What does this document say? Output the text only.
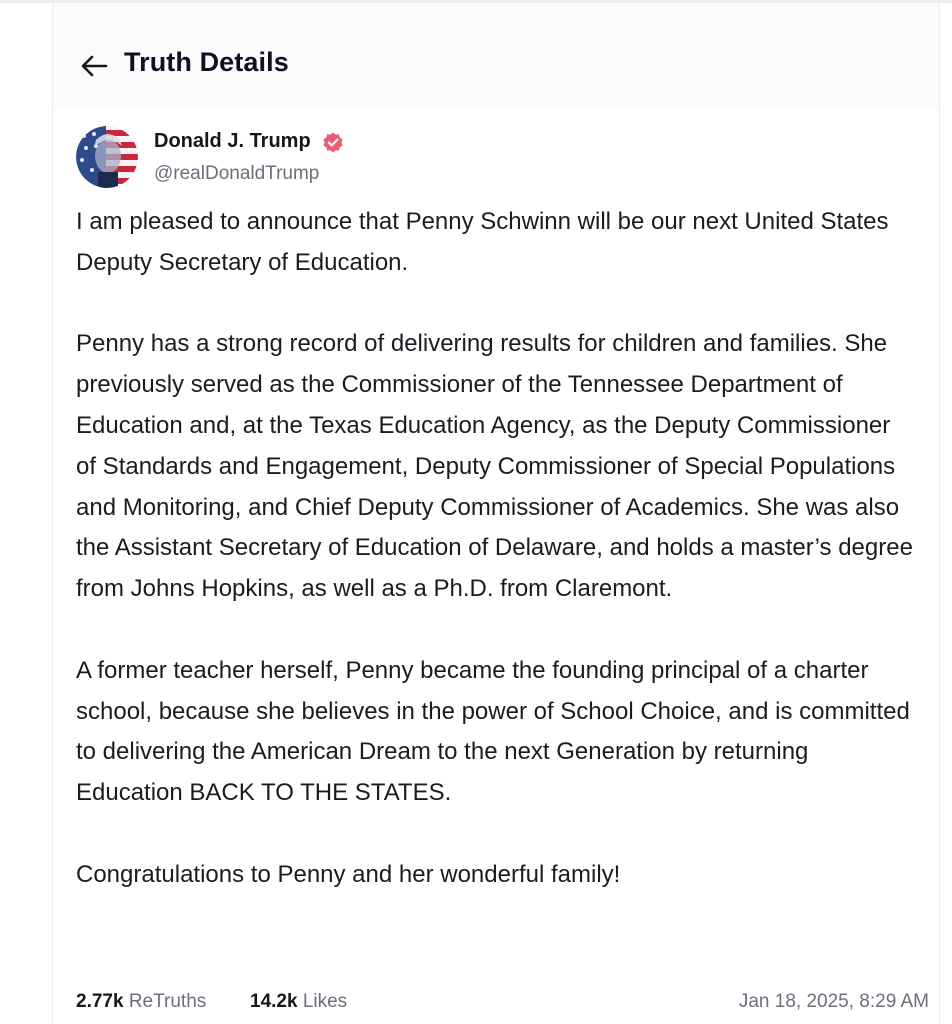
Truth Details
Donald J. Trump
@realDonaldTrump

I am pleased to announce that Penny Schwinn will be our next United States Deputy Secretary of Education.

Penny has a strong record of delivering results for children and families. She previously served as the Commissioner of the Tennessee Department of Education and, at the Texas Education Agency, as the Deputy Commissioner of Standards and Engagement, Deputy Commissioner of Special Populations and Monitoring, and Chief Deputy Commissioner of Academics. She was also the Assistant Secretary of Education of Delaware, and holds a master’s degree from Johns Hopkins, as well as a Ph.D. from Claremont.

A former teacher herself, Penny became the founding principal of a charter school, because she believes in the power of School Choice, and is committed to delivering the American Dream to the next Generation by returning Education BACK TO THE STATES.

Congratulations to Penny and her wonderful family!

2.77k ReTruths 14.2k Likes	Jan 18, 2025, 8:29 AM
